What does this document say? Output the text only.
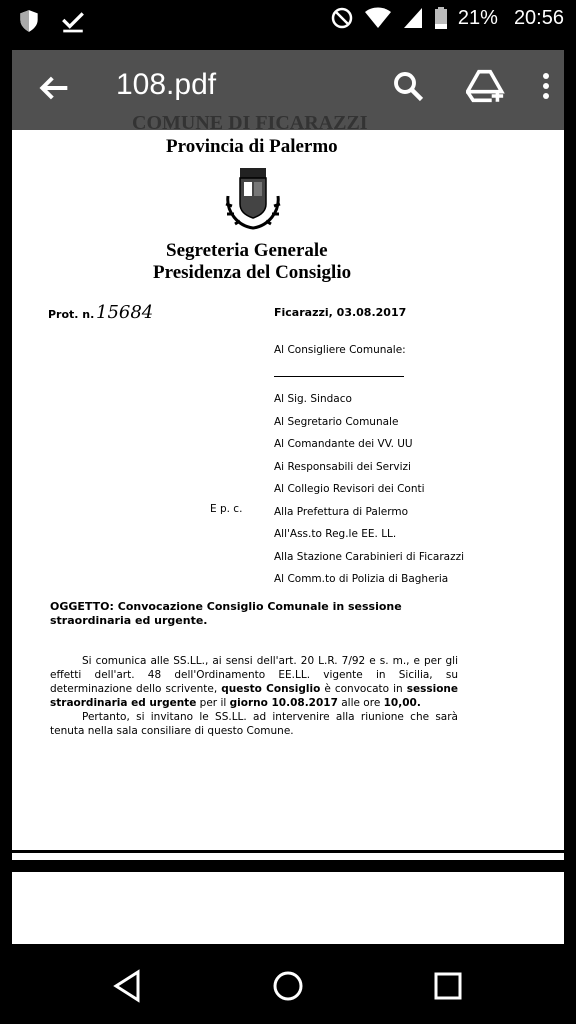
21% 20:56
108.pdf
COMUNE DI FICARAZZI
Provincia di Palermo
Segreteria Generale
Presidenza del Consiglio
Prot. n. 15684	Ficarazzi, 03.08.2017
Al Consigliere Comunale:
Al Sig. Sindaco
Al Segretario Comunale
Al Comandante dei VV. UU
Ai Responsabili dei Servizi
Al Collegio Revisori dei Conti
Alla Prefettura di Palermo
All'Ass.to Reg.le EE. LL.
Alla Stazione Carabinieri di Ficarazzi
Al Comm.to di Polizia di Bagheria
E p. c.
OGGETTO: Convocazione Consiglio Comunale in sessione straordinaria ed urgente.
Si comunica alle SS.LL., ai sensi dell'art. 20 L.R. 7/92 e s. m., e per gli effetti dell'art. 48 dell'Ordinamento EE.LL. vigente in Sicilia, su determinazione dello scrivente, questo Consiglio è convocato in sessione straordinaria ed urgente per il giorno 10.08.2017 alle ore 10,00.
Pertanto, si invitano le SS.LL. ad intervenire alla riunione che sarà tenuta nella sala consiliare di questo Comune.
